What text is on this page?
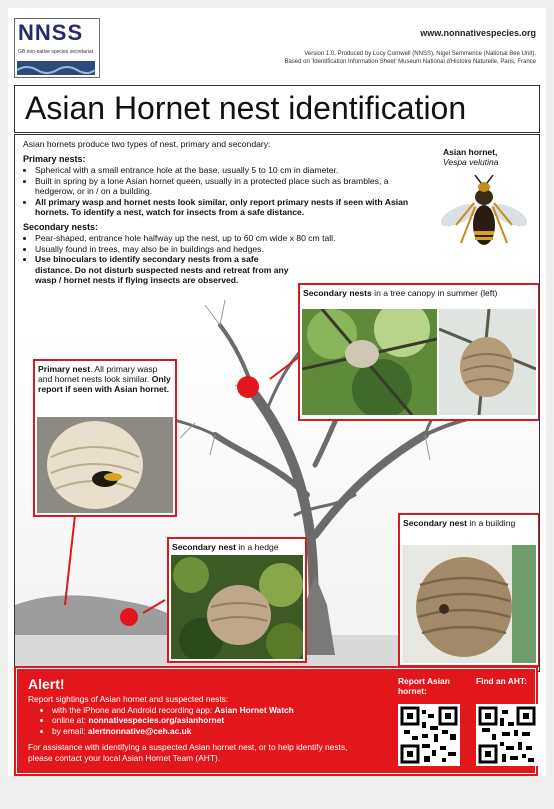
NNSS
GB non-native species secretariat
www.nonnativespecies.org
Version 1.0. Produced by Lucy Cornwell (NNSS), Nigel Semmence (National Bee Unit).
Based on 'Identification Information Sheet' Museum National d'Histoire Naturelle, Paris, France
Asian Hornet nest identification
Asian hornets produce two types of nest, primary and secondary:
Primary nests:
• Spherical with a small entrance hole at the base, usually 5 to 10 cm in diameter.
• Built in spring by a lone Asian hornet queen, usually in a protected place such as brambles, a hedgerow, or in / on a building.
• All primary wasp and hornet nests look similar, only report primary nests if seen with Asian hornets. To identify a nest, watch for insects from a safe distance.
Secondary nests:
• Pear-shaped, entrance hole halfway up the nest, up to 60 cm wide x 80 cm tall.
• Usually found in trees, may also be in buildings and hedges.
• Use binoculars to identify secondary nests from a safe distance. Do not disturb suspected nests and retreat from any wasp / hornet nests if flying insects are observed.
Asian hornet,
Vespa velutina
Secondary nests in a tree canopy in summer (left)
Primary nest. All primary wasp and hornet nests look similar. Only report if seen with Asian hornet.
Secondary nest in a hedge
Secondary nest in a building
Alert!
Report sightings of Asian hornet and suspected nests:
• with the iPhone and Android recording app: Asian Hornet Watch
• online at: nonnativespecies.org/asianhornet
• by email: alertnonnative@ceh.ac.uk
For assistance with identifying a suspected Asian hornet nest, or to help identify nests, please contact your local Asian Hornet Team (AHT).
Report Asian hornet:
Find an AHT:
